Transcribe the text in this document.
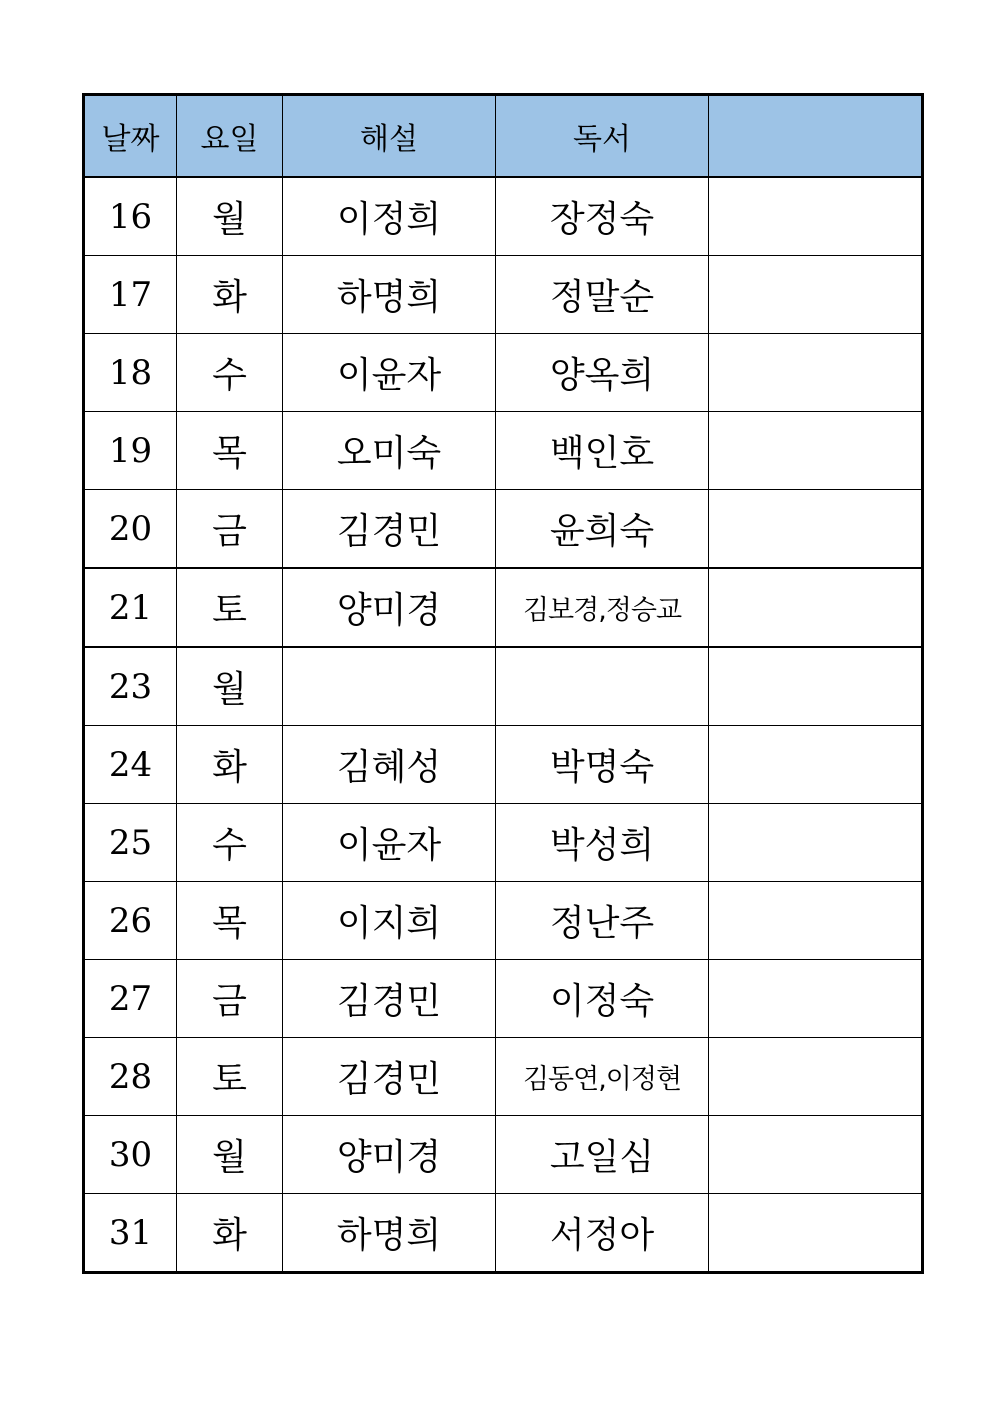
날짜	요일	해설	독서	
16	월	이정희	장정숙	
17	화	하명희	정말순	
18	수	이윤자	양옥희	
19	목	오미숙	백인호	
20	금	김경민	윤희숙	
21	토	양미경	김보경,정승교	
23	월			
24	화	김혜성	박명숙	
25	수	이윤자	박성희	
26	목	이지희	정난주	
27	금	김경민	이정숙	
28	토	김경민	김동연,이정현	
30	월	양미경	고일심	
31	화	하명희	서정아	
